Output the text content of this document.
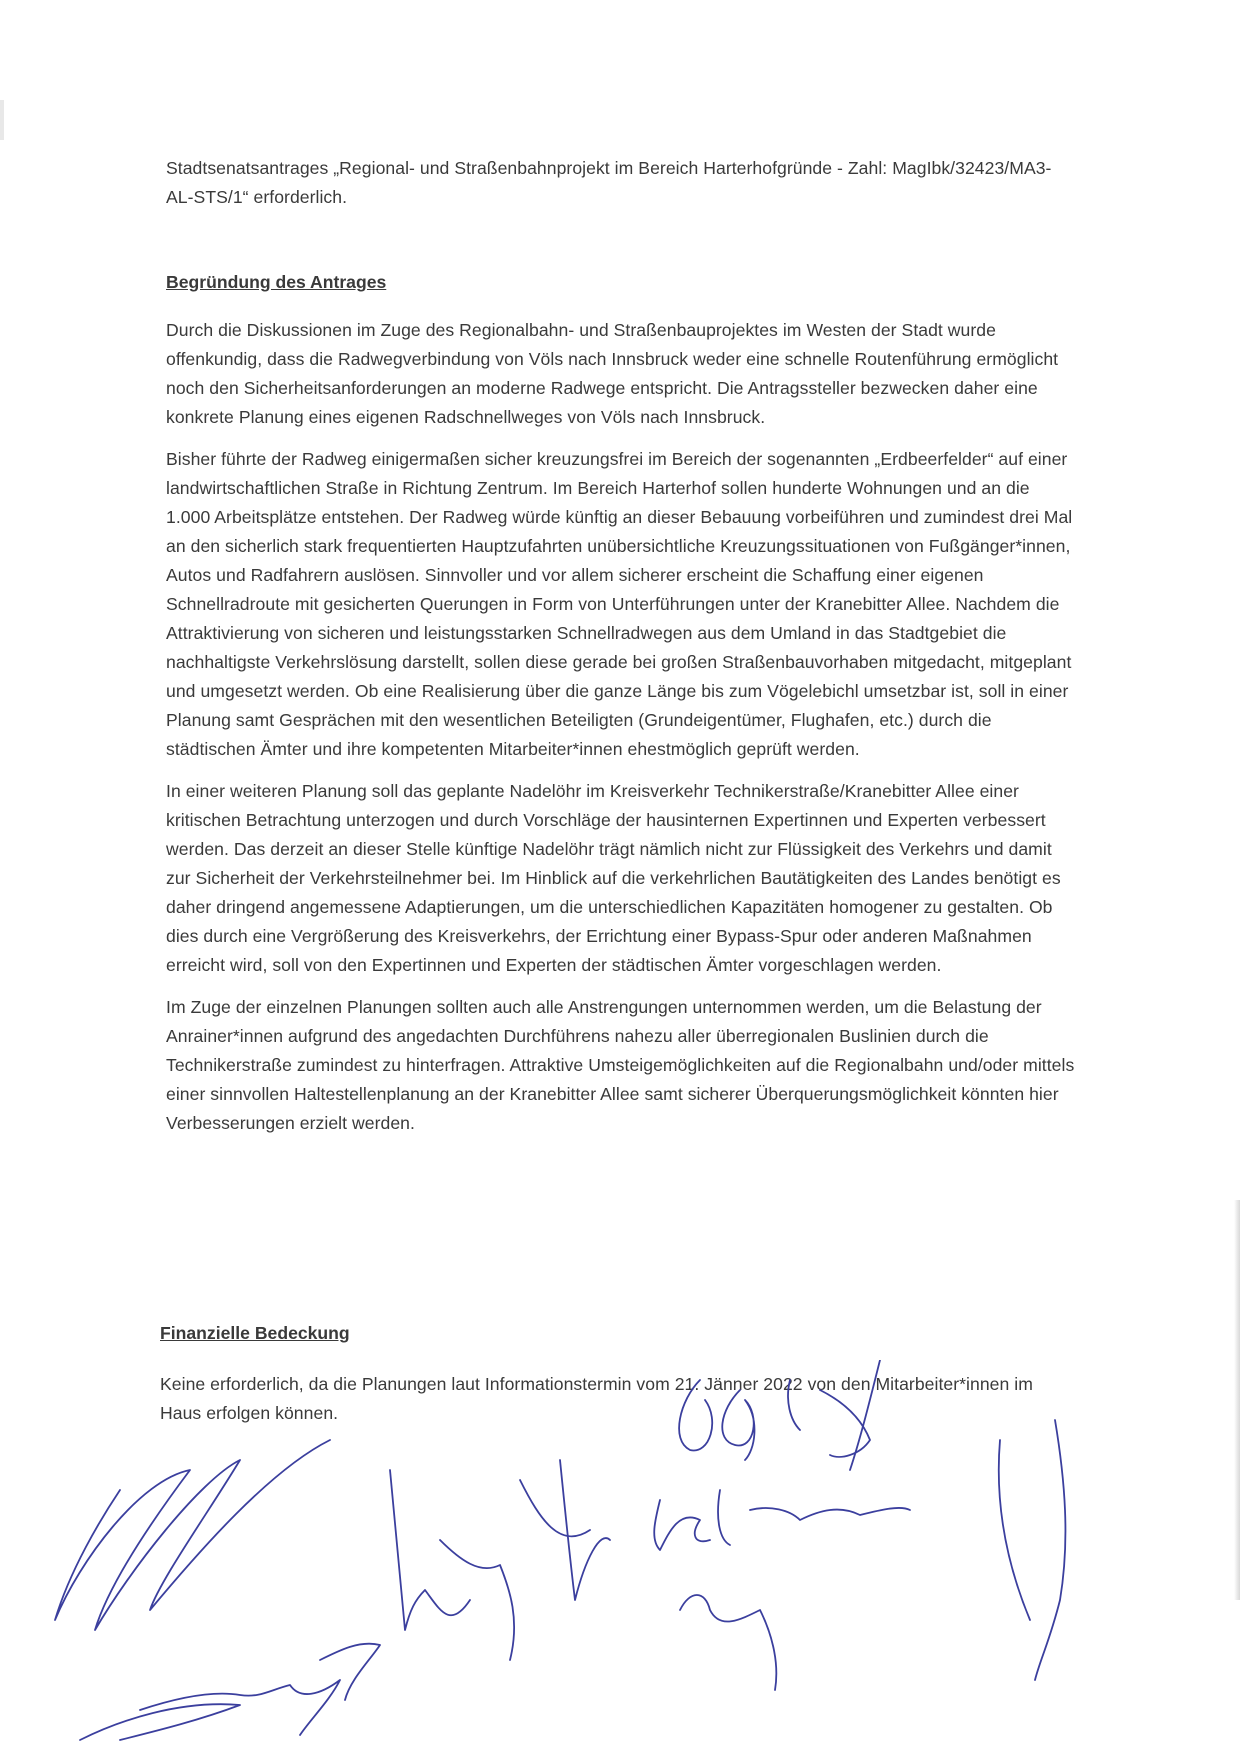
Stadtsenatsantrages „Regional- und Straßenbahnprojekt im Bereich Harterhofgründe - Zahl: MagIbk/32423/MA3-AL-STS/1“ erforderlich.

Begründung des Antrages

Durch die Diskussionen im Zuge des Regionalbahn- und Straßenbauprojektes im Westen der Stadt wurde offenkundig, dass die Radwegverbindung von Völs nach Innsbruck weder eine schnelle Routenführung ermöglicht noch den Sicherheitsanforderungen an moderne Radwege entspricht. Die Antragssteller bezwecken daher eine konkrete Planung eines eigenen Radschnellweges von Völs nach Innsbruck.

Bisher führte der Radweg einigermaßen sicher kreuzungsfrei im Bereich der sogenannten „Erdbeerfelder“ auf einer landwirtschaftlichen Straße in Richtung Zentrum. Im Bereich Harterhof sollen hunderte Wohnungen und an die 1.000 Arbeitsplätze entstehen. Der Radweg würde künftig an dieser Bebauung vorbeiführen und zumindest drei Mal an den sicherlich stark frequentierten Hauptzufahrten unübersichtliche Kreuzungssituationen von Fußgänger*innen, Autos und Radfahrern auslösen. Sinnvoller und vor allem sicherer erscheint die Schaffung einer eigenen Schnellradroute mit gesicherten Querungen in Form von Unterführungen unter der Kranebitter Allee. Nachdem die Attraktivierung von sicheren und leistungsstarken Schnellradwegen aus dem Umland in das Stadtgebiet die nachhaltigste Verkehrslösung darstellt, sollen diese gerade bei großen Straßenbauvorhaben mitgedacht, mitgeplant und umgesetzt werden. Ob eine Realisierung über die ganze Länge bis zum Vögelebichl umsetzbar ist, soll in einer Planung samt Gesprächen mit den wesentlichen Beteiligten (Grundeigentümer, Flughafen, etc.) durch die städtischen Ämter und ihre kompetenten Mitarbeiter*innen ehestmöglich geprüft werden.

In einer weiteren Planung soll das geplante Nadelöhr im Kreisverkehr Technikerstraße/Kranebitter Allee einer kritischen Betrachtung unterzogen und durch Vorschläge der hausinternen Expertinnen und Experten verbessert werden. Das derzeit an dieser Stelle künftige Nadelöhr trägt nämlich nicht zur Flüssigkeit des Verkehrs und damit zur Sicherheit der Verkehrsteilnehmer bei. Im Hinblick auf die verkehrlichen Bautätigkeiten des Landes benötigt es daher dringend angemessene Adaptierungen, um die unterschiedlichen Kapazitäten homogener zu gestalten. Ob dies durch eine Vergrößerung des Kreisverkehrs, der Errichtung einer Bypass-Spur oder anderen Maßnahmen erreicht wird, soll von den Expertinnen und Experten der städtischen Ämter vorgeschlagen werden.

Im Zuge der einzelnen Planungen sollten auch alle Anstrengungen unternommen werden, um die Belastung der Anrainer*innen aufgrund des angedachten Durchführens nahezu aller überregionalen Buslinien durch die Technikerstraße zumindest zu hinterfragen. Attraktive Umsteigemöglichkeiten auf die Regionalbahn und/oder mittels einer sinnvollen Haltestellenplanung an der Kranebitter Allee samt sicherer Überquerungsmöglichkeit könnten hier Verbesserungen erzielt werden.

Finanzielle Bedeckung

Keine erforderlich, da die Planungen laut Informationstermin vom 21. Jänner 2022 von den Mitarbeiter*innen im Haus erfolgen können.
